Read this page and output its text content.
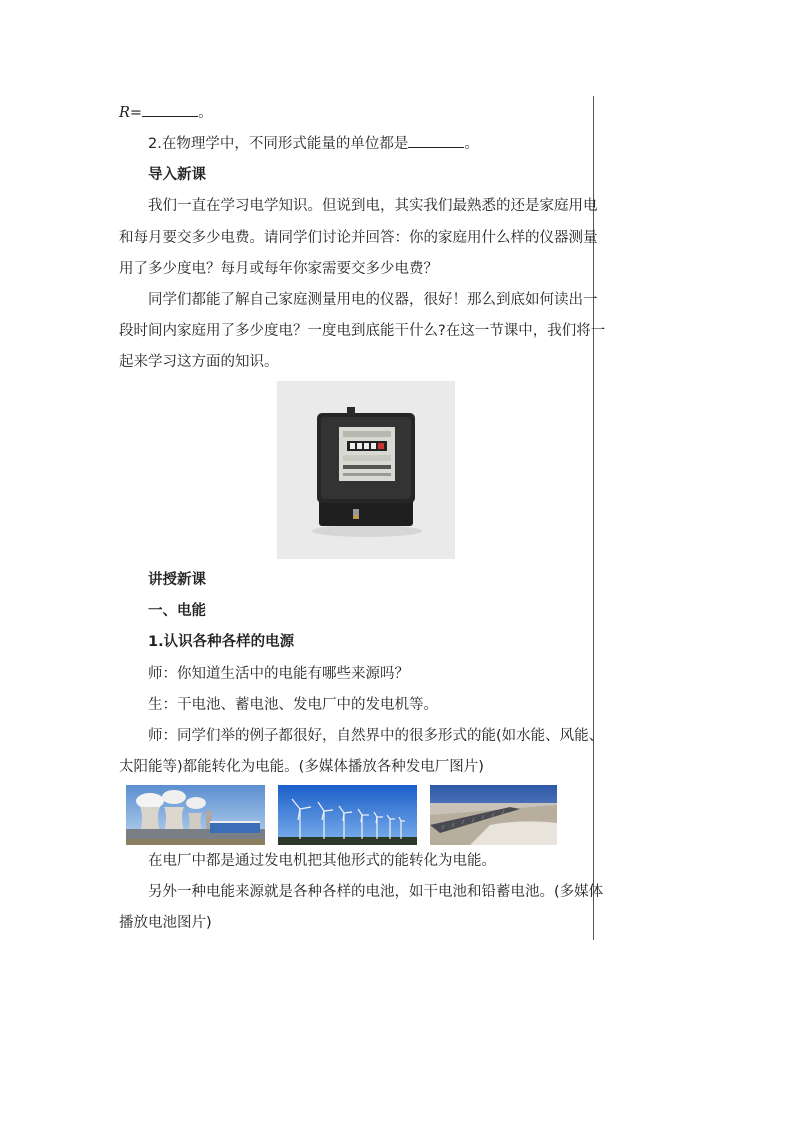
R=	。
2.在物理学中，不同形式能量的单位都是	。
导入新课
我们一直在学习电学知识。但说到电，其实我们最熟悉的还是家庭用电
和每月要交多少电费。请同学们讨论并回答：你的家庭用什么样的仪器测量
用了多少度电？每月或每年你家需要交多少电费？
同学们都能了解自己家庭测量用电的仪器，很好！那么到底如何读出一
段时间内家庭用了多少度电？一度电到底能干什么?在这一节课中，我们将一
起来学习这方面的知识。
讲授新课
一、电能
1.认识各种各样的电源
师：你知道生活中的电能有哪些来源吗？
生：干电池、蓄电池、发电厂中的发电机等。
师：同学们举的例子都很好，自然界中的很多形式的能(如水能、风能、
太阳能等)都能转化为电能。(多媒体播放各种发电厂图片)
在电厂中都是通过发电机把其他形式的能转化为电能。
另外一种电能来源就是各种各样的电池，如干电池和铅蓄电池。(多媒体
播放电池图片)
